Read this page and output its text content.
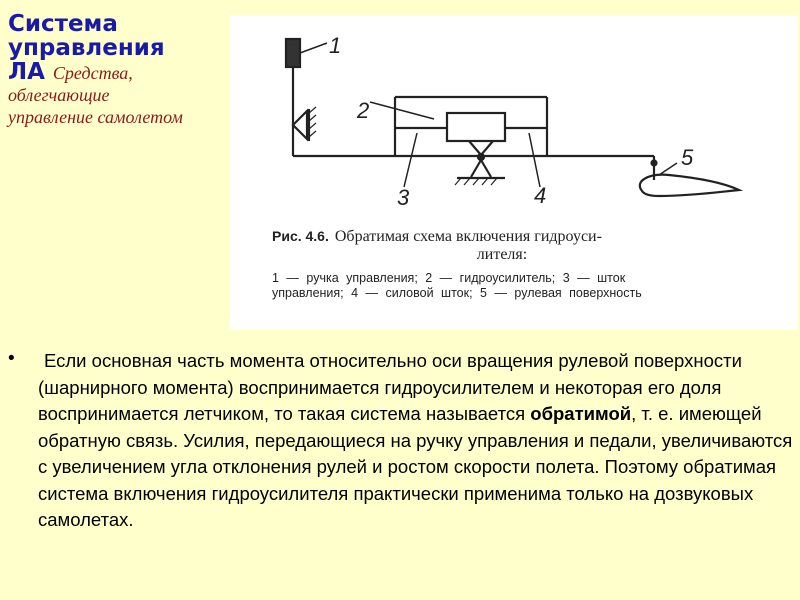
Система
управления
ЛА Средства,
облегчающие
управление самолетом
1
2
3	4
5
Рис. 4.6. Обратимая схема включения гидроуси-
лителя:
1 — ручка управления; 2 — гидроусилитель; 3 — шток
управления; 4 — силовой шток; 5 — рулевая поверхность
•	Если основная часть момента относительно оси вращения рулевой поверхности (шарнирного момента) воспринимается гидроусилителем и некоторая его доля воспринимается летчиком, то такая система называется обратимой, т. е. имеющей обратную связь. Усилия, передающиеся на ручку управления и педали, увеличиваются с увеличением угла отклонения рулей и ростом скорости полета. Поэтому обратимая система включения гидроусилителя практически применима только на дозвуковых самолетах.
